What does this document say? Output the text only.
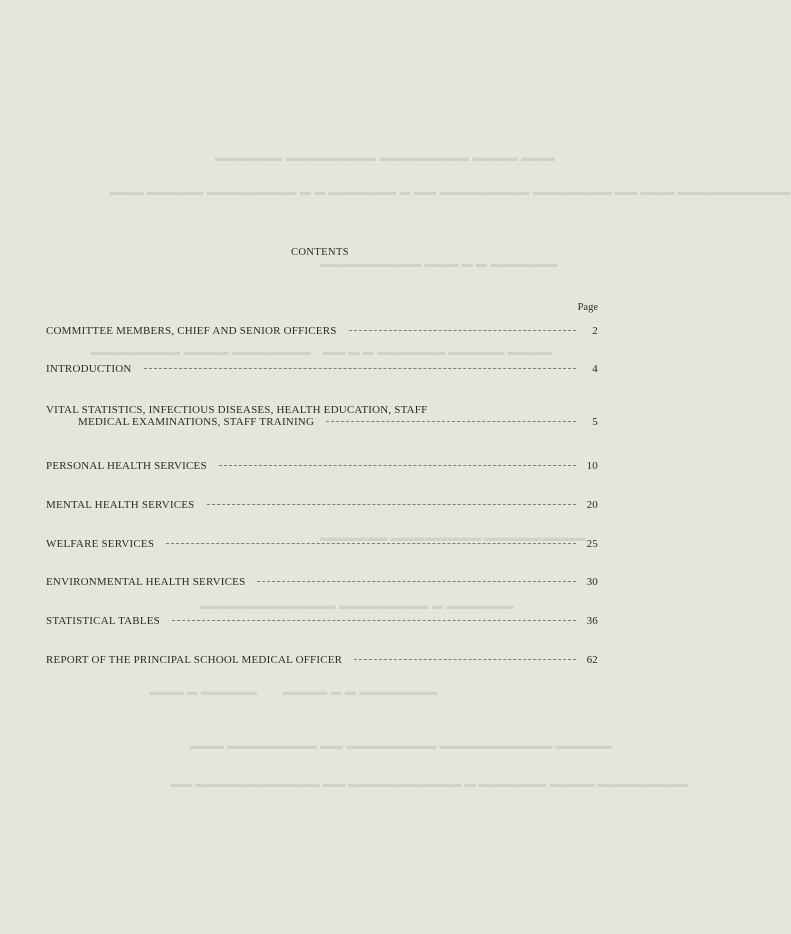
▬▬▬▬▬▬ ▬▬▬▬▬▬▬▬ ▬▬▬▬▬▬▬▬ ▬▬▬▬ ▬▬▬
▬▬▬ ▬▬▬▬▬ ▬▬▬▬▬▬▬▬ ▬ ▬ ▬▬▬▬▬▬ ▬ ▬▬ ▬▬▬▬▬▬▬▬ ▬▬▬▬▬▬▬ ▬▬ ▬▬▬ ▬▬▬▬▬▬▬▬▬▬
▬▬▬▬▬▬▬▬▬ ▬▬▬ ▬ ▬ ▬▬▬▬▬▬
▬▬▬▬▬▬▬▬ ▬▬▬▬ ▬▬▬▬▬▬▬    ▬▬ ▬ ▬ ▬▬▬▬▬▬ ▬▬▬▬▬ ▬▬▬▬
▬▬▬▬▬▬ ▬▬▬▬▬▬▬▬ ▬▬▬▬▬▬▬▬▬
▬▬▬▬▬▬▬▬▬▬▬▬ ▬▬▬▬▬▬▬▬ ▬ ▬▬▬▬▬▬
▬▬▬ ▬ ▬▬▬▬▬        ▬▬▬▬ ▬ ▬ ▬▬▬▬▬▬▬
▬▬▬ ▬▬▬▬▬▬▬▬ ▬▬ ▬▬▬▬▬▬▬▬ ▬▬▬▬▬▬▬▬▬▬ ▬▬▬▬▬
▬▬ ▬▬▬▬▬▬▬▬▬▬▬ ▬▬ ▬▬▬▬▬▬▬▬▬▬ ▬ ▬▬▬▬▬▬ ▬▬▬▬ ▬▬▬▬▬▬▬▬
CONTENTS
Page
COMMITTEE MEMBERS, CHIEF AND SENIOR OFFICERS	2
INTRODUCTION	4
VITAL STATISTICS, INFECTIOUS DISEASES, HEALTH EDUCATION, STAFF
MEDICAL EXAMINATIONS, STAFF TRAINING	5
PERSONAL HEALTH SERVICES	10
MENTAL HEALTH SERVICES	20
WELFARE SERVICES	25
ENVIRONMENTAL HEALTH SERVICES	30
STATISTICAL TABLES	36
REPORT OF THE PRINCIPAL SCHOOL MEDICAL OFFICER	62
